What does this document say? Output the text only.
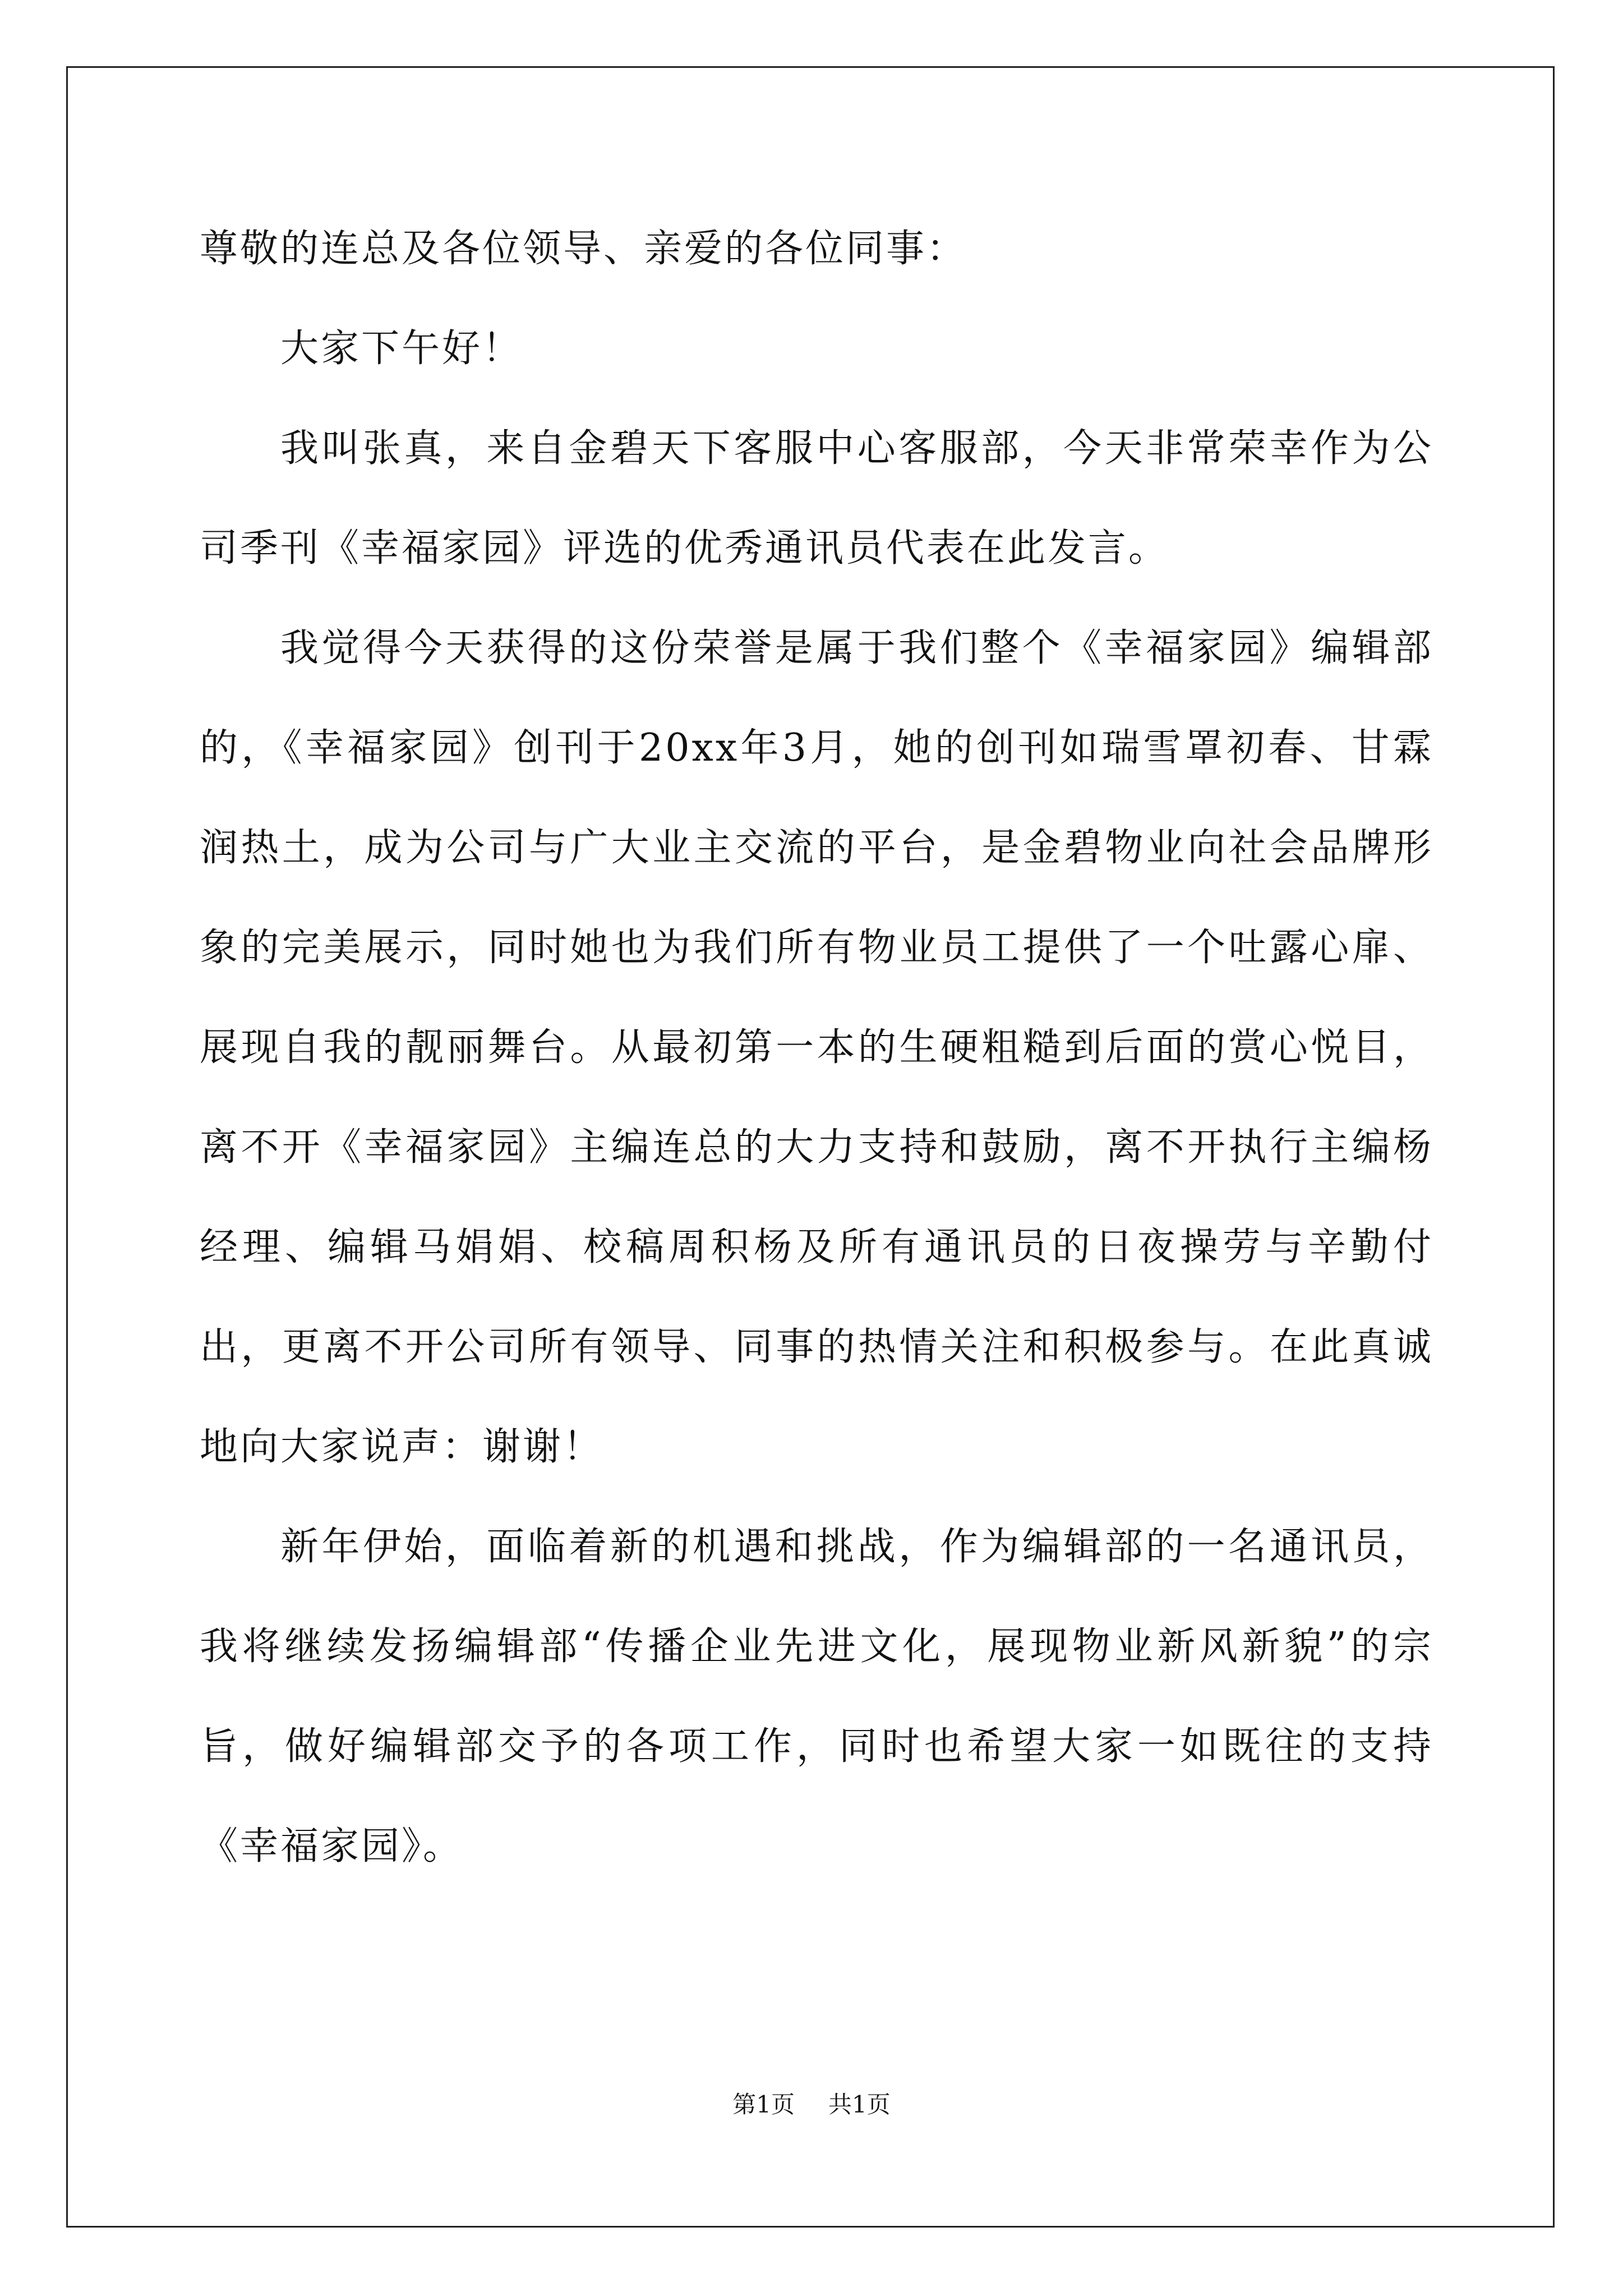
尊敬的连总及各位领导、亲爱的各位同事：

大家下午好！

我叫张真，来自金碧天下客服中心客服部，今天非常荣幸作为公司季刊《幸福家园》评选的优秀通讯员代表在此发言。

我觉得今天获得的这份荣誉是属于我们整个《幸福家园》编辑部的，《幸福家园》创刊于20xx年3月，她的创刊如瑞雪罩初春、甘霖润热土，成为公司与广大业主交流的平台，是金碧物业向社会品牌形象的完美展示，同时她也为我们所有物业员工提供了一个吐露心扉、展现自我的靓丽舞台。从最初第一本的生硬粗糙到后面的赏心悦目，离不开《幸福家园》主编连总的大力支持和鼓励，离不开执行主编杨经理、编辑马娟娟、校稿周积杨及所有通讯员的日夜操劳与辛勤付出，更离不开公司所有领导、同事的热情关注和积极参与。在此真诚地向大家说声：谢谢！

新年伊始，面临着新的机遇和挑战，作为编辑部的一名通讯员，我将继续发扬编辑部“传播企业先进文化，展现物业新风新貌”的宗旨，做好编辑部交予的各项工作，同时也希望大家一如既往的支持《幸福家园》。

第1页 共1页
